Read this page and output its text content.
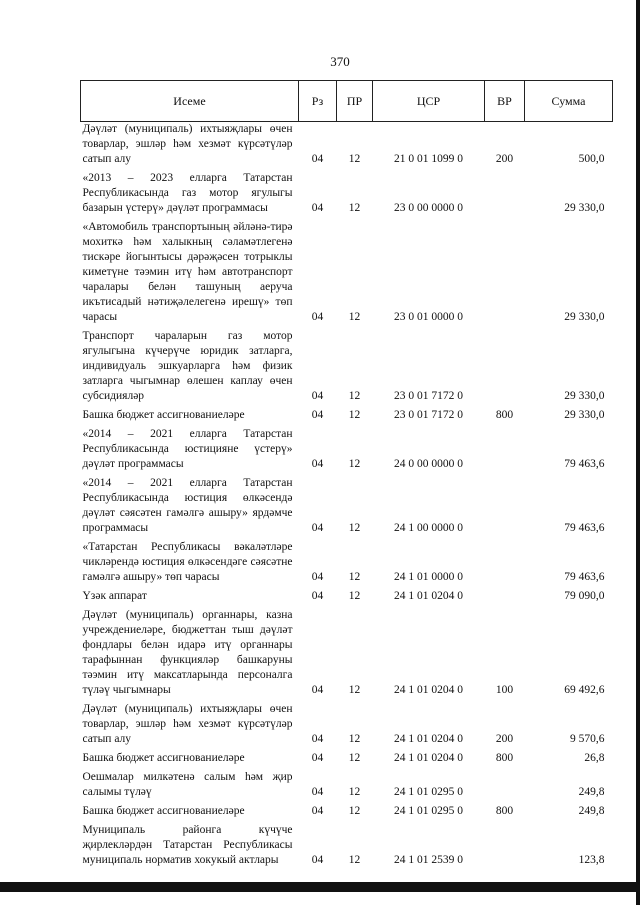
370
Исеме	Рз	ПР	ЦСР	ВР	Сумма
Дәүләт (муниципаль) ихтыяҗлары өчен товарлар, эшләр һәм хезмәт күрсәтүләр сатып алу	04	12	21 0 01 1099 0	200	500,0
«2013 – 2023 елларга Татарстан Республикасында газ мотор ягулыгы базарын үстерү» дәүләт программасы	04	12	23 0 00 0000 0		29 330,0
«Автомобиль транспортының әйләнә-тирә мохиткә һәм халыкның сәламәтлегенә тискәре йогынтысы дәрәҗәсен тотрыклы киметүне тәэмин итү һәм автотранспорт чаралары белән ташуның аеруча икътисадый нәтиҗәлелегенә ирешү» төп чарасы	04	12	23 0 01 0000 0		29 330,0
Транспорт чараларын газ мотор ягулыгына күчерүче юридик затларга, индивидуаль эшкуарларга һәм физик затларга чыгымнар өлешен каплау өчен субсидияләр	04	12	23 0 01 7172 0		29 330,0
Башка бюджет ассигнованиеләре	04	12	23 0 01 7172 0	800	29 330,0
«2014 – 2021 елларга Татарстан Республикасында юстицияне үстерү» дәүләт программасы	04	12	24 0 00 0000 0		79 463,6
«2014 – 2021 елларга Татарстан Республикасында юстиция өлкәсендә дәүләт сәясәтен гамәлгә ашыру» ярдәмче программасы	04	12	24 1 00 0000 0		79 463,6
«Татарстан Республикасы вәкаләтләре чикләрендә юстиция өлкәсендәге сәясәтне гамәлгә ашыру» төп чарасы	04	12	24 1 01 0000 0		79 463,6
Үзәк аппарат	04	12	24 1 01 0204 0		79 090,0
Дәүләт (муниципаль) органнары, казна учреждениеләре, бюджеттан тыш дәүләт фондлары белән идарә итү органнары тарафыннан функцияләр башкаруны тәэмин итү максатларында персоналга түләү чыгымнары	04	12	24 1 01 0204 0	100	69 492,6
Дәүләт (муниципаль) ихтыяҗлары өчен товарлар, эшләр һәм хезмәт күрсәтүләр сатып алу	04	12	24 1 01 0204 0	200	9 570,6
Башка бюджет ассигнованиеләре	04	12	24 1 01 0204 0	800	26,8
Оешмалар милкәтенә салым һәм җир салымы түләү	04	12	24 1 01 0295 0		249,8
Башка бюджет ассигнованиеләре	04	12	24 1 01 0295 0	800	249,8
Муниципаль районга күчүче җирлекләрдән Татарстан Республикасы муниципаль норматив хокукый актлары	04	12	24 1 01 2539 0		123,8
